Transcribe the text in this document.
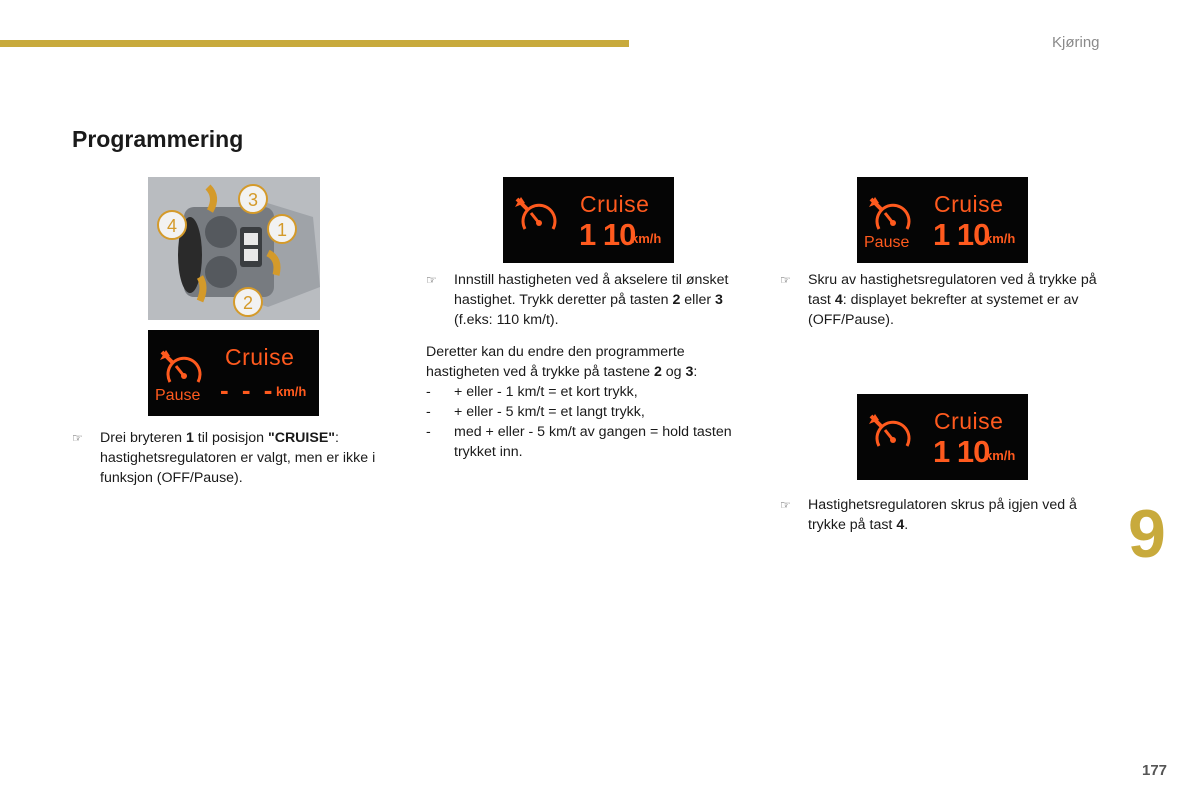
Kjøring
Programmering
4
3
1
2
Cruise
Pause - - - km/h
Cruise
1 10
km/h
Cruise
Pause 1 10
km/h
Cruise
1 10
km/h
☞ Drei bryteren 1 til posisjon "CRUISE": hastighetsregulatoren er valgt, men er ikke i funksjon (OFF/Pause).
☞ Innstill hastigheten ved å akselere til ønsket hastighet. Trykk deretter på tasten 2 eller 3 (f.eks: 110 km/t).
Deretter kan du endre den programmerte hastigheten ved å trykke på tastene 2 og 3:
- + eller - 1 km/t = et kort trykk,
- + eller - 5 km/t = et langt trykk,
- med + eller - 5 km/t av gangen = hold tasten trykket inn.
☞ Skru av hastighetsregulatoren ved å trykke på tast 4: displayet bekrefter at systemet er av (OFF/Pause).
☞ Hastighetsregulatoren skrus på igjen ved å trykke på tast 4.	9
177
